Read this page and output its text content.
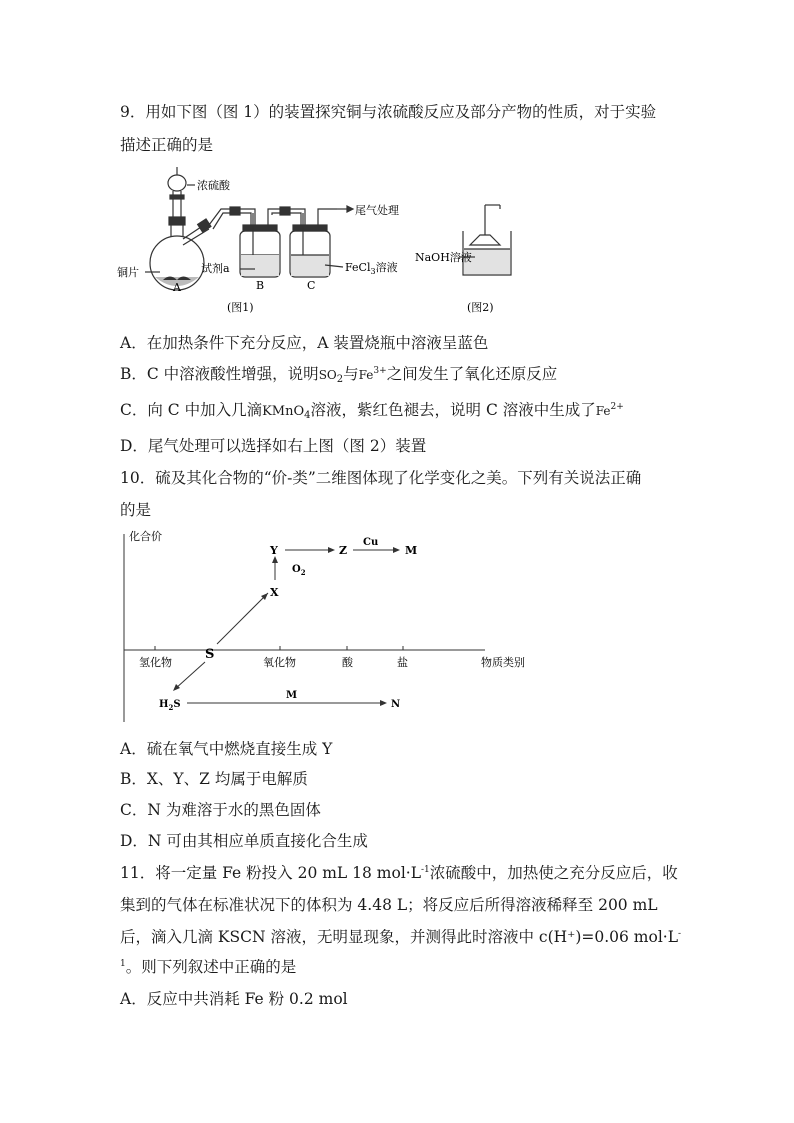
9．用如下图（图 1）的装置探究铜与浓硫酸反应及部分产物的性质，对于实验
描述正确的是
浓硫酸
尾气处理
铜片	试剂a	FeCl$_3$溶液
A	B	C
(图1)
NaOH溶液
(图2)
A．在加热条件下充分反应，A 装置烧瓶中溶液呈蓝色
B．C 中溶液酸性增强，说明$SO_2$与$Fe^{3+}$之间发生了氧化还原反应
C．向 C 中加入几滴KMnO$_4$溶液，紫红色褪去，说明 C 溶液中生成了$Fe^{2+}$
D．尾气处理可以选择如右上图（图 2）装置
10．硫及其化合物的“价-类”二维图体现了化学变化之美。下列有关说法正确
的是
化合价
物质类别
氢化物	氧化物	酸	盐
S
X
Y	Z	M
Cu
$O_2$
$H_2S$
M
N
A．硫在氧气中燃烧直接生成 Y
B．X、Y、Z 均属于电解质
C．N 为难溶于水的黑色固体
D．N 可由其相应单质直接化合生成
11．将一定量 Fe 粉投入 20 mL 18 $mol\cdot L^{-1}$浓硫酸中，加热使之充分反应后，收
集到的气体在标准状况下的体积为 4.48 L；将反应后所得溶液稀释至 200 mL
后，滴入几滴 KSCN 溶液，无明显现象，并测得此时溶液中 c(H⁺)=0.06 mol·L-
$^1$。则下列叙述中正确的是
A．反应中共消耗 Fe 粉 0.2 mol
